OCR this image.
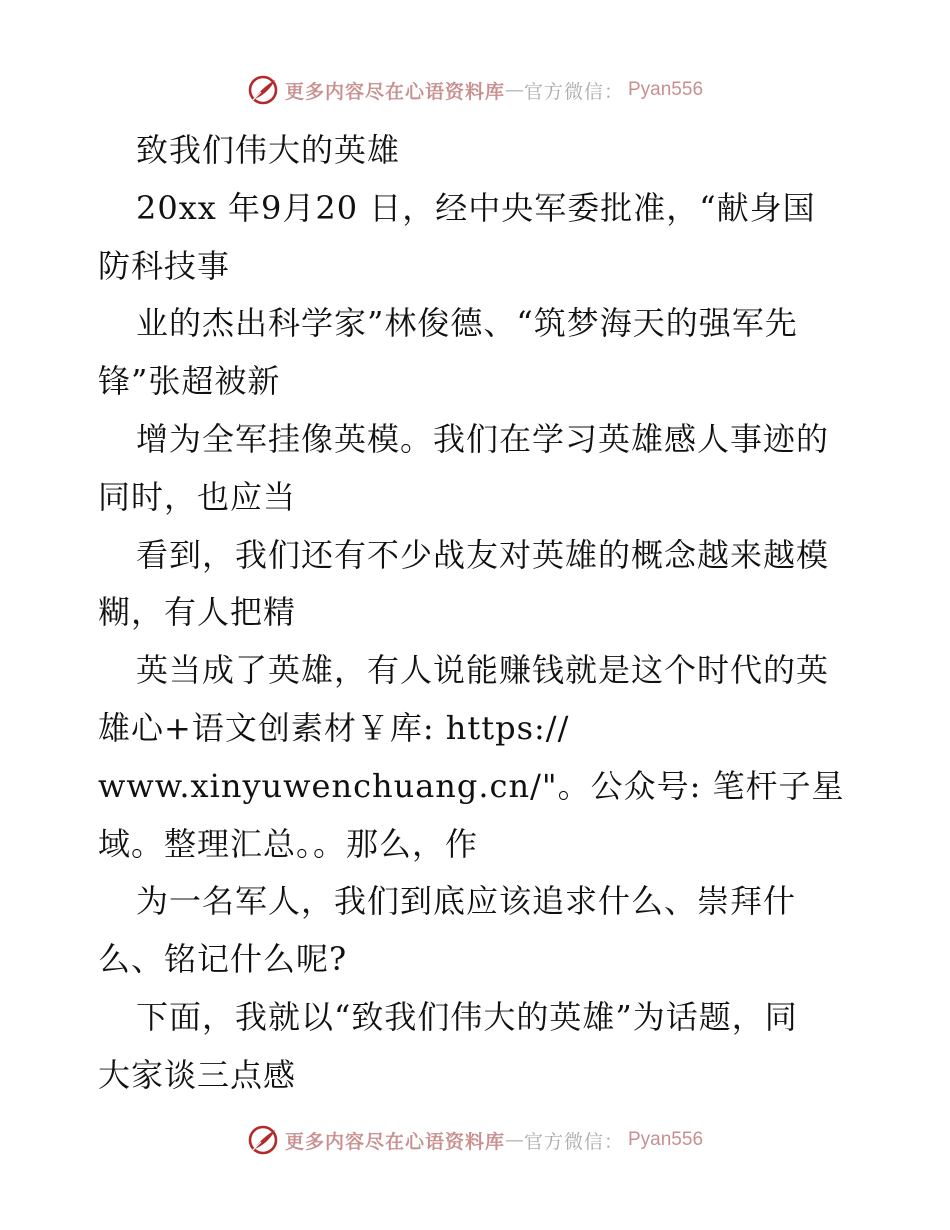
更多内容尽在心语资料库 — 官方微信： Pyan556
致我们伟大的英雄
20xx 年9月20 日，经中央军委批准，“献身国
防科技事
业的杰出科学家”林俊德、“筑梦海天的强军先
锋”张超被新
增为全军挂像英模。我们在学习英雄感人事迹的
同时，也应当
看到，我们还有不少战友对英雄的概念越来越模
糊，有人把精
英当成了英雄，有人说能赚钱就是这个时代的英
雄心+语文创素材￥库: https://
www.xinyuwenchuang.cn/"。公众号: 笔杆子星
域。整理汇总。。那么，作
为一名军人，我们到底应该追求什么、崇拜什
么、铭记什么呢?
下面，我就以“致我们伟大的英雄”为话题，同
大家谈三点感
更多内容尽在心语资料库 — 官方微信： Pyan556
